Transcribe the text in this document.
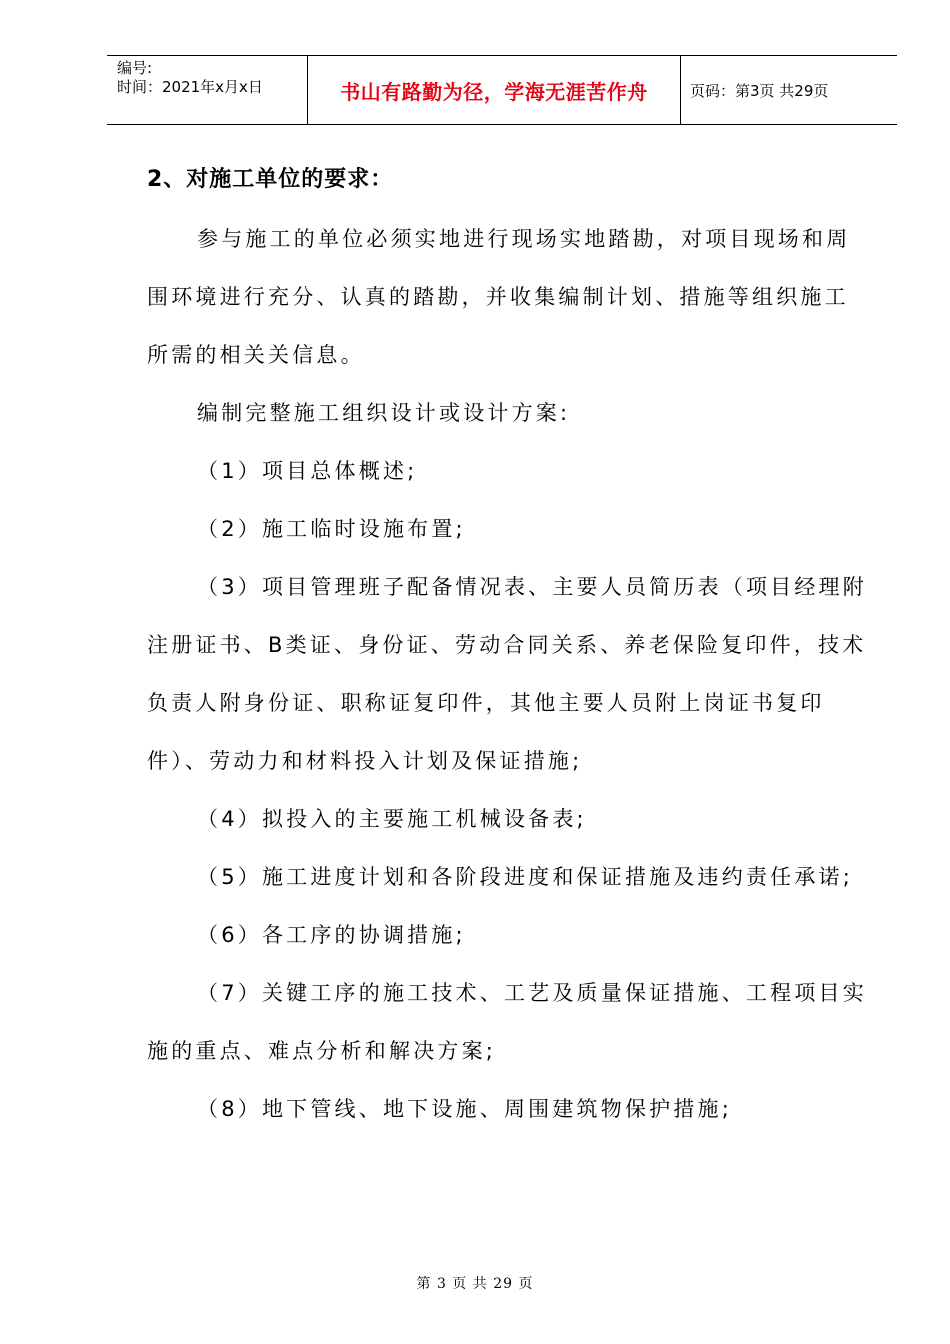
编号:
时间：2021年x月x日	书山有路勤为径，学海无涯苦作舟	页码：第3页 共29页
2、对施工单位的要求：

参与施工的单位必须实地进行现场实地踏勘，对项目现场和周围环境进行充分、认真的踏勘，并收集编制计划、措施等组织施工所需的相关关信息。

编制完整施工组织设计或设计方案:

（1）项目总体概述;

（2）施工临时设施布置;

（3）项目管理班子配备情况表、主要人员简历表（项目经理附注册证书、B类证、身份证、劳动合同关系、养老保险复印件，技术负责人附身份证、职称证复印件，其他主要人员附上岗证书复印件）、劳动力和材料投入计划及保证措施;

（4）拟投入的主要施工机械设备表;

（5）施工进度计划和各阶段进度和保证措施及违约责任承诺;

（6）各工序的协调措施;

（7）关键工序的施工技术、工艺及质量保证措施、工程项目实施的重点、难点分析和解决方案;

（8）地下管线、地下设施、周围建筑物保护措施;

第 3 页 共 29 页
